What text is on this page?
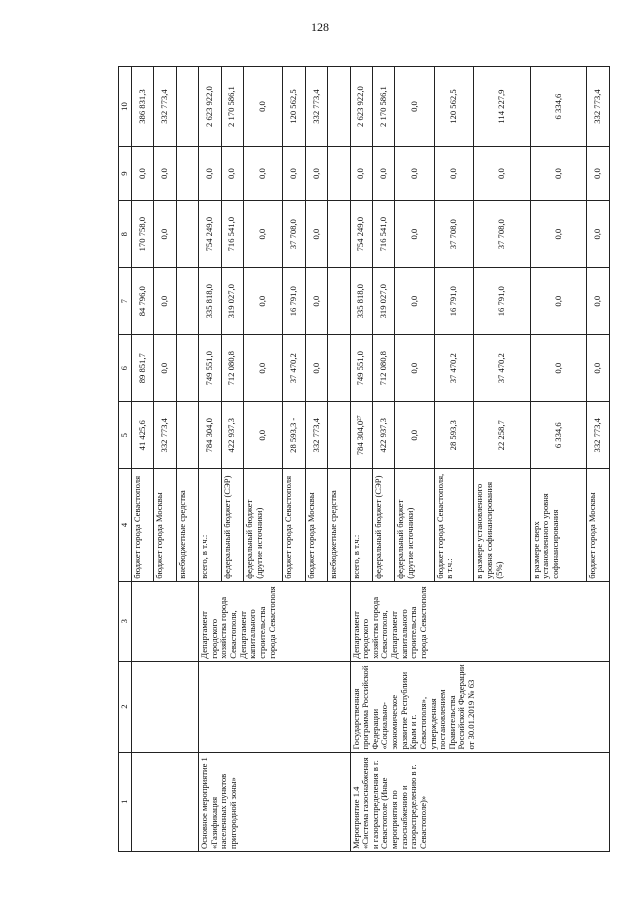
128
1	2	3	4	5	6	7	8	9	10
			бюджет города Севастополя	41 425,6	89 851,7	84 796,0	170 758,0	0,0	386 831,3
			бюджет города Москвы	332 773,4	0,0	0,0	0,0	0,0	332 773,4
			внебюджетные средства						
Основное мероприятие 1 «Газификация населенных пунктов пригородной зоны»		Департамент городского хозяйства города Севастополя, Департамент капитального строительства города Севастополя	всего, в т.ч.:	784 304,0	749 551,0	335 818,0	754 249,0	0,0	2 623 922,0
			федеральный бюджет (СЭР)	422 937,3	712 080,8	319 027,0	716 541,0	0,0	2 170 586,1
			федеральный бюджет (другие источники)	0,0	0,0	0,0	0,0	0,0	0,0
			бюджет города Севастополя	28 593,3 -	37 470,2	16 791,0	37 708,0	0,0	120 562,5
			бюджет города Москвы	332 773,4	0,0	0,0	0,0	0,0	332 773,4
			внебюджетные средства						
Мероприятие 1.4 «Система газоснабжения и газораспределения в г. Севастополе (Иные мероприятия по газоснабжению и газораспределению в г. Севастополе)»	Государственная программа Российской Федерации «Социально-экономическое развитие Республики Крым и г. Севастополя», утвержденная постановлением Правительства Российской Федерации от 30.01.2019 № 63	Департамент городского хозяйства города Севастополя, Департамент капитального строительства города Севастополя	всего, в т.ч.:	784 304,0²⁷	749 551,0	335 818,0	754 249,0	0,0	2 623 922,0
			федеральный бюджет (СЭР)	422 937,3	712 080,8	319 027,0	716 541,0	0,0	2 170 586,1
			федеральный бюджет (другие источники)	0,0	0,0	0,0	0,0	0,0	0,0
			бюджет города Севастополя, в т.ч.:	28 593,3	37 470,2	16 791,0	37 708,0	0,0	120 562,5
			в размере установленного уровня софинансирования (5%)	22 258,7	37 470,2	16 791,0	37 708,0	0,0	114 227,9
			в размере сверх установленного уровня софинансирования	6 334,6	0,0	0,0	0,0	0,0	6 334,6
			бюджет города Москвы	332 773,4	0,0	0,0	0,0	0,0	332 773,4
